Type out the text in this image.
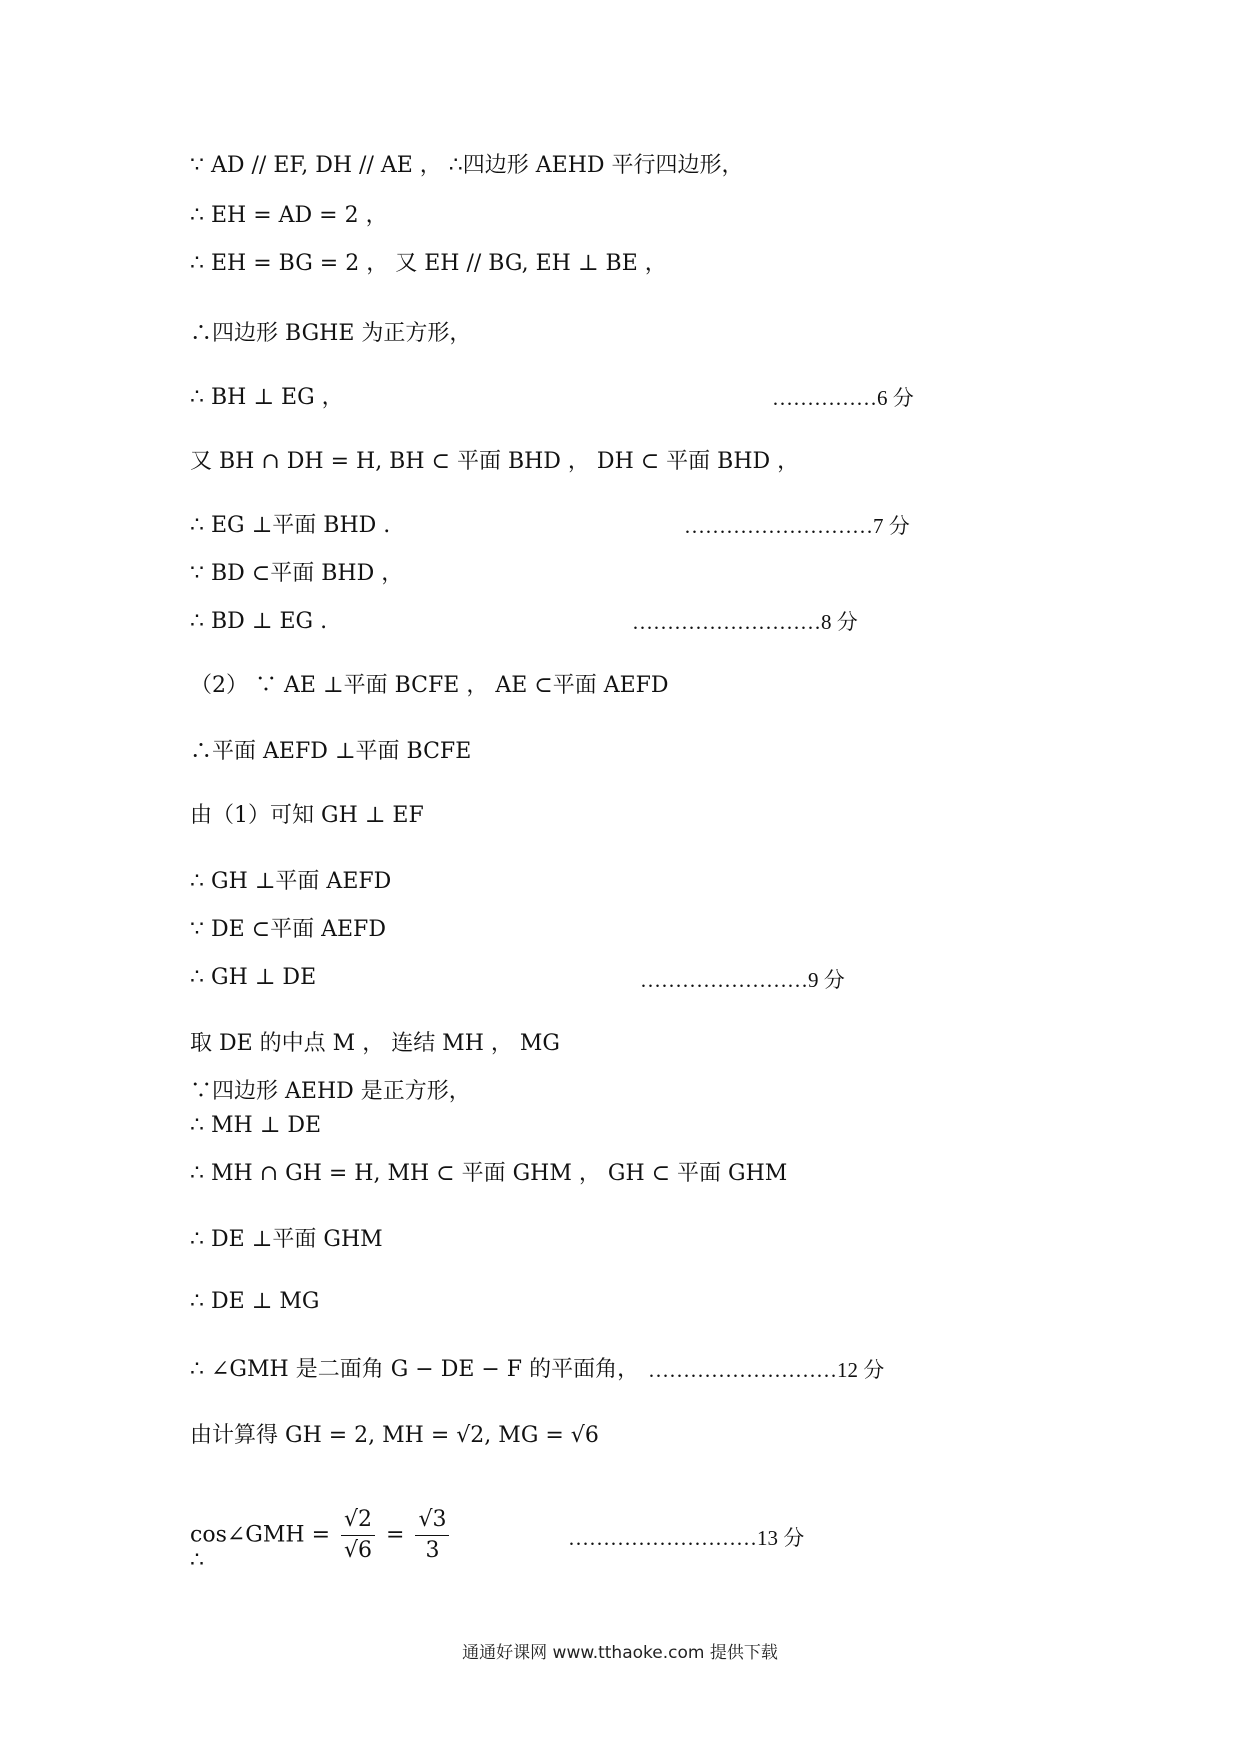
∵ AD // EF, DH // AE ， ∴四边形 AEHD 平行四边形，
∴ EH = AD = 2 ，
∴ EH = BG = 2 ， 又 EH // BG, EH ⊥ BE ，
∴四边形 BGHE 为正方形，
∴ BH ⊥ EG ，
又 BH ∩ DH = H, BH ⊂ 平面 BHD ， DH ⊂ 平面 BHD ，
∴ EG ⊥平面 BHD .
∵ BD ⊂平面 BHD ，
∴ BD ⊥ EG .
（2） ∵ AE ⊥平面 BCFE ， AE ⊂平面 AEFD
∴平面 AEFD ⊥平面 BCFE
由（1）可知 GH ⊥ EF
∴ GH ⊥平面 AEFD
∵ DE ⊂平面 AEFD
∴ GH ⊥ DE
取 DE 的中点 M ， 连结 MH ， MG
∵四边形 AEHD 是正方形，
∴ MH ⊥ DE
∴ MH ∩ GH = H, MH ⊂ 平面 GHM ， GH ⊂ 平面 GHM
∴ DE ⊥平面 GHM
∴ DE ⊥ MG
∴ ∠GMH 是二面角 G − DE − F 的平面角，
由计算得 GH = 2, MH = √2, MG = √6
……………6 分
………………………7 分
………………………8 分
……………………9 分
………………………12 分
………………………13 分
cos∠GMH = $\frac{√2}{√6} = \frac{√3}{3}$
∴
通通好课网 www.tthaoke.com 提供下载
